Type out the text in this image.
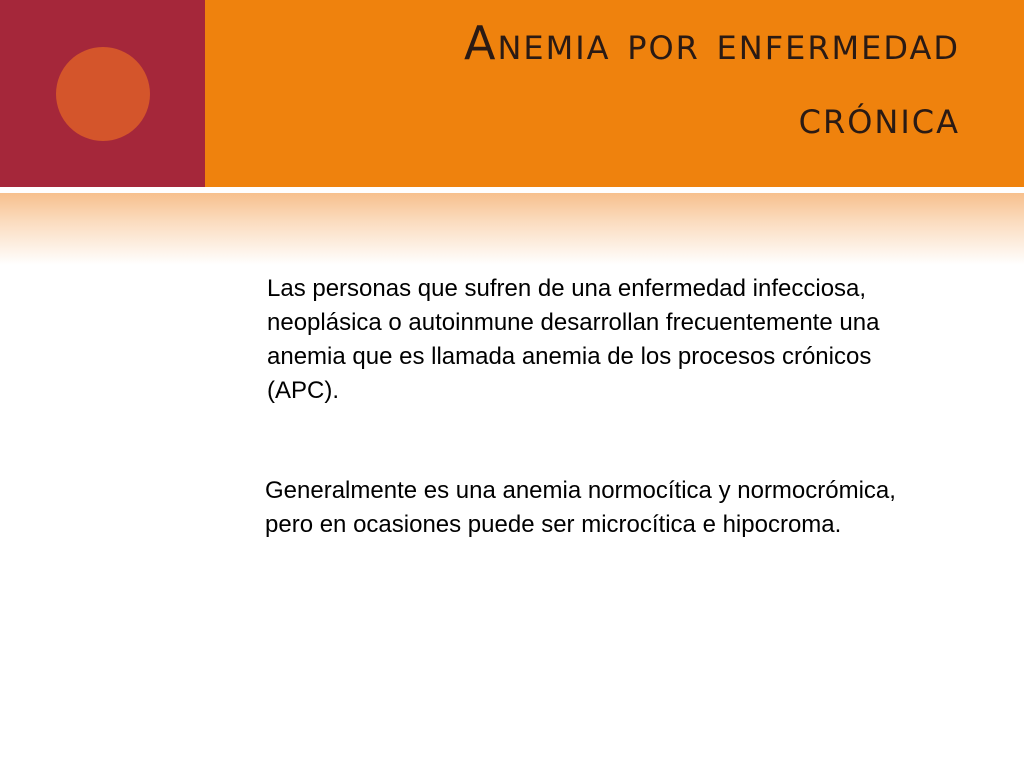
Anemia por enfermedad
crónica

Las personas que sufren de una enfermedad infecciosa, neoplásica o autoinmune desarrollan frecuentemente una anemia que es llamada anemia de los procesos crónicos (APC).

Generalmente es una anemia normocítica y normocrómica, pero en ocasiones puede ser microcítica e hipocroma.
